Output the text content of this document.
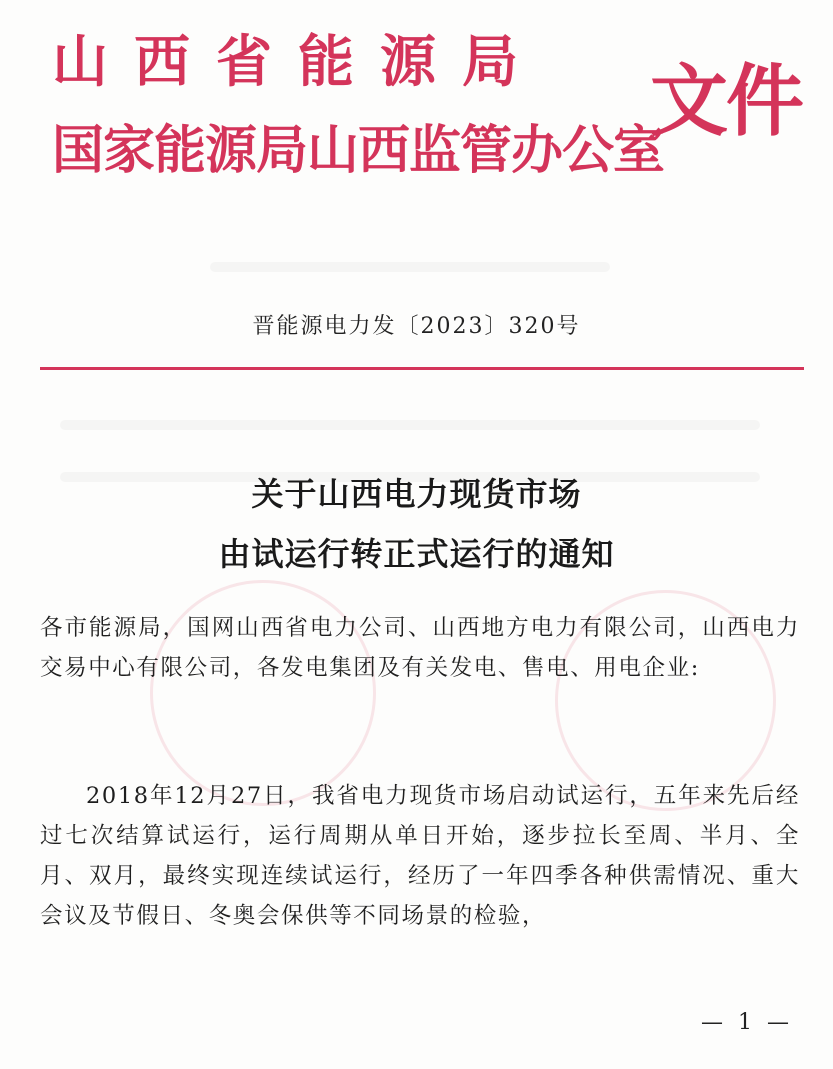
山西省能源局
国家能源局山西监管办公室
文件
晋能源电力发〔2023〕320号
关于山西电力现货市场
由试运行转正式运行的通知

各市能源局，国网山西省电力公司、山西地方电力有限公司，山西电力交易中心有限公司，各发电集团及有关发电、售电、用电企业:

2018年12月27日，我省电力现货市场启动试运行，五年来先后经过七次结算试运行，运行周期从单日开始，逐步拉长至周、半月、全月、双月，最终实现连续试运行，经历了一年四季各种供需情况、重大会议及节假日、冬奥会保供等不同场景的检验，

— 1 —
